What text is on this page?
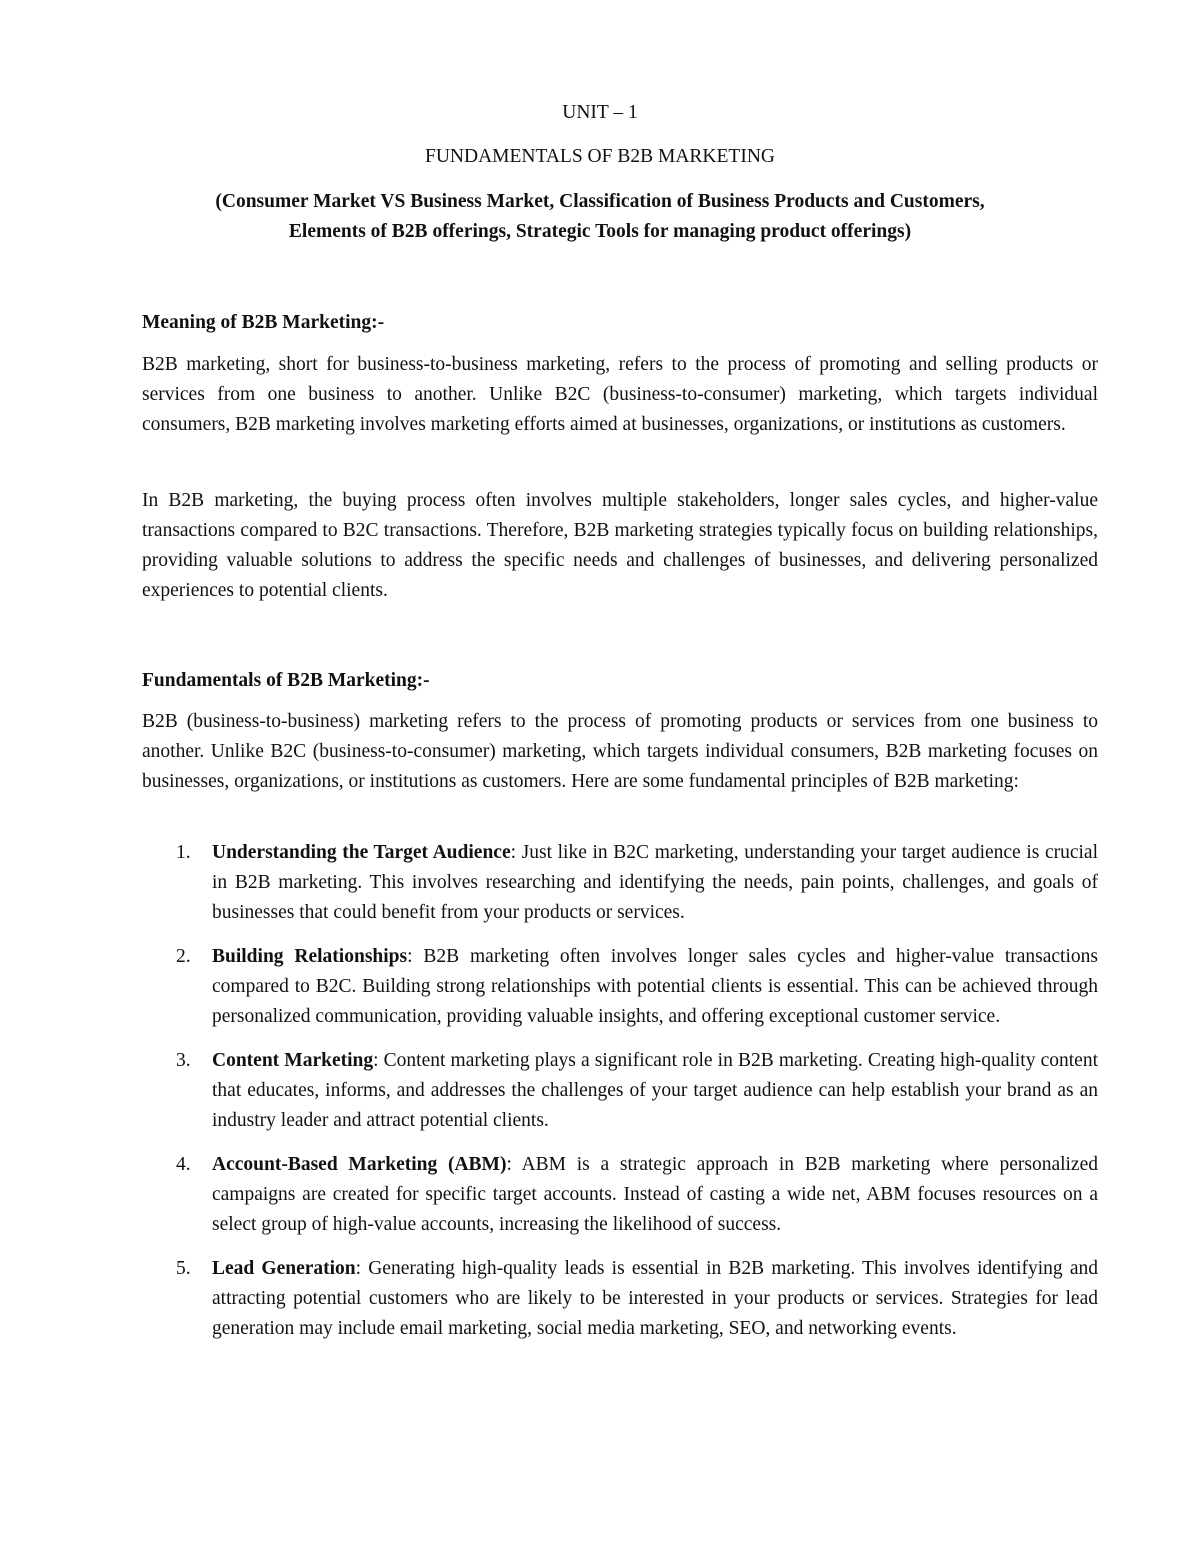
UNIT – 1
FUNDAMENTALS OF B2B MARKETING
(Consumer Market VS Business Market, Classification of Business Products and Customers,
Elements of B2B offerings, Strategic Tools for managing product offerings)
Meaning of B2B Marketing:-

B2B marketing, short for business-to-business marketing, refers to the process of promoting and selling products or services from one business to another. Unlike B2C (business-to-consumer) marketing, which targets individual consumers, B2B marketing involves marketing efforts aimed at businesses, organizations, or institutions as customers.

In B2B marketing, the buying process often involves multiple stakeholders, longer sales cycles, and higher-value transactions compared to B2C transactions. Therefore, B2B marketing strategies typically focus on building relationships, providing valuable solutions to address the specific needs and challenges of businesses, and delivering personalized experiences to potential clients.

Fundamentals of B2B Marketing:-

B2B (business-to-business) marketing refers to the process of promoting products or services from one business to another. Unlike B2C (business-to-consumer) marketing, which targets individual consumers, B2B marketing focuses on businesses, organizations, or institutions as customers. Here are some fundamental principles of B2B marketing:

1. Understanding the Target Audience: Just like in B2C marketing, understanding your target audience is crucial in B2B marketing. This involves researching and identifying the needs, pain points, challenges, and goals of businesses that could benefit from your products or services.
2. Building Relationships: B2B marketing often involves longer sales cycles and higher-value transactions compared to B2C. Building strong relationships with potential clients is essential. This can be achieved through personalized communication, providing valuable insights, and offering exceptional customer service.
3. Content Marketing: Content marketing plays a significant role in B2B marketing. Creating high-quality content that educates, informs, and addresses the challenges of your target audience can help establish your brand as an industry leader and attract potential clients.
4. Account-Based Marketing (ABM): ABM is a strategic approach in B2B marketing where personalized campaigns are created for specific target accounts. Instead of casting a wide net, ABM focuses resources on a select group of high-value accounts, increasing the likelihood of success.
5. Lead Generation: Generating high-quality leads is essential in B2B marketing. This involves identifying and attracting potential customers who are likely to be interested in your products or services. Strategies for lead generation may include email marketing, social media marketing, SEO, and networking events.
